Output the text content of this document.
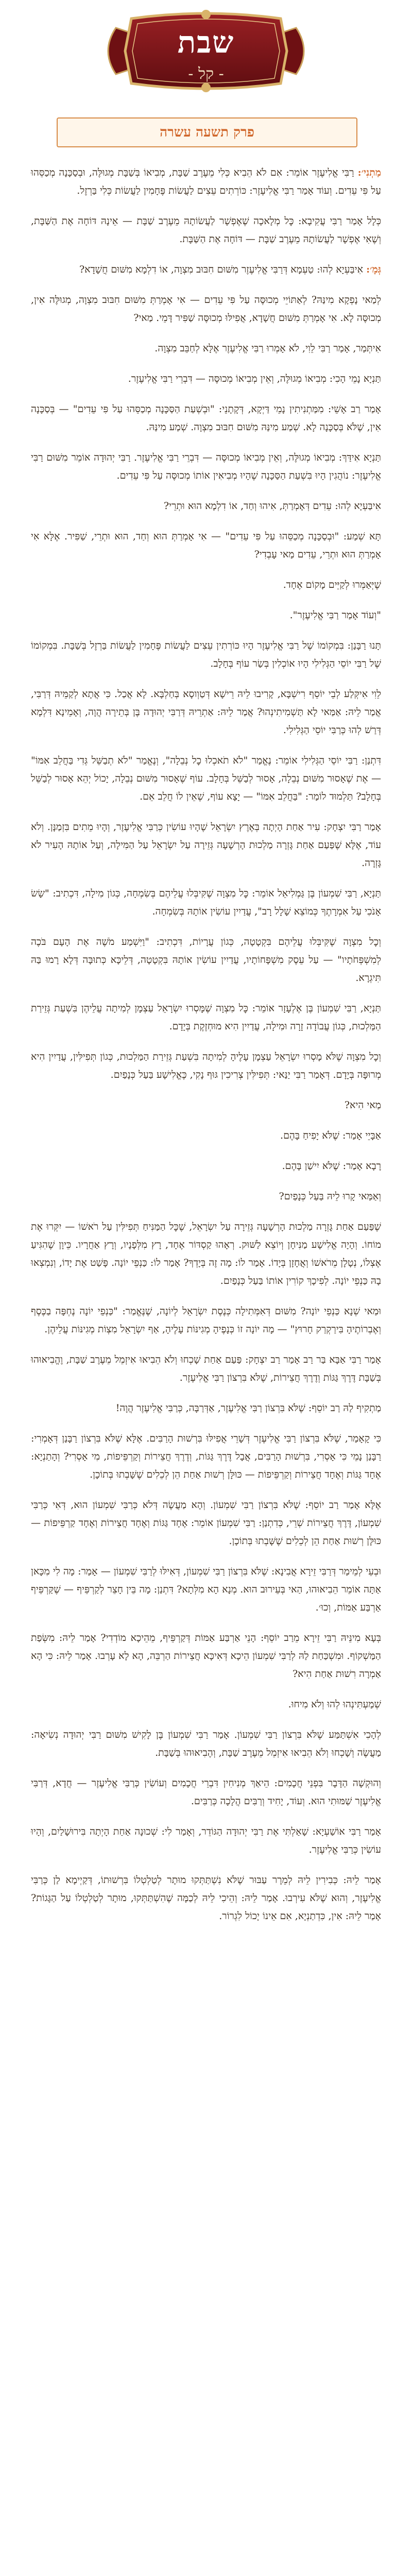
שבת
- קל -
פרק תשעה עשרה

מַתְנִי׳: רַבִּי אֱלִיעֶזֶר אוֹמֵר: אִם לֹא הֵבִיא כְּלִי מֵעֶרֶב שַׁבָּת, מְבִיאוֹ בְּשַׁבָּת מְגוּלֶּה, וּבְסַכָּנָה מְכַסֵּהוּ עַל פִּי עֵדִים. וְעוֹד אָמַר רַבִּי אֱלִיעֶזֶר: כּוֹרְתִים עֵצִים לַעֲשׂוֹת פֶּחָמִין לַעֲשׂוֹת כְּלִי בַּרְזֶל.

כְּלָל אָמַר רַבִּי עֲקִיבָא: כׇּל מְלָאכָה שֶׁאֶפְשָׁר לַעֲשׂוֹתָהּ מֵעֶרֶב שַׁבָּת — אֵינָהּ דּוֹחָה אֶת הַשַּׁבָּת, וְשֶׁאִי אֶפְשָׁר לַעֲשׂוֹתָהּ מֵעֶרֶב שַׁבָּת — דּוֹחָה אֶת הַשַּׁבָּת.

גְּמָ׳: אִיבַּעְיָא לְהוּ: טַעְמָא דְּרַבִּי אֱלִיעֶזֶר מִשּׁוּם חִבּוּב מִצְוָה, אוֹ דִלְמָא מִשּׁוּם חֲשָׁדָא?

לְמַאי נָפְקָא מִינַּהּ? לְאַתּוֹיֵי מְכוּסֶּה עַל פִּי עֵדִים — אִי אָמְרַתְּ מִשּׁוּם חִבּוּב מִצְוָה, מְגוּלֶּה אִין, מְכוּסֶּה לָא. אִי אָמְרַתְּ מִשּׁוּם חֲשָׁדָא, אֲפִילּוּ מְכוּסֶּה שַׁפִּיר דָּמֵי. מַאי?

אִיתְּמַר, אָמַר רַבִּי לֵוִי, לֹא אָמְרוּ רַבִּי אֱלִיעֶזֶר אֶלָּא לְחַבֵּב מִצְוָה.

תַּנְיָא נָמֵי הָכִי: מְבִיאוֹ מְגוּלֶּה, וְאֵין מְבִיאוֹ מְכוּסֶּה — דִּבְרֵי רַבִּי אֱלִיעֶזֶר.

אָמַר רַב אָשֵׁי: מִמַּתְנִיתִין נָמֵי דַּיְקָא, דְּקָתָנֵי: "וּבְשְׁעַת הַסַּכָּנָה מְכַסֵּהוּ עַל פִּי עֵדִים" — בְּסַכָּנָה אִין, שֶׁלֹּא בְּסַכָּנָה לָא. שְׁמַע מִינַּהּ מִשּׁוּם חִבּוּב מִצְוָה. שְׁמַע מִינַּהּ.

תַּנְיָא אִידַּךְ: מְבִיאוֹ מְגוּלֶּה, וְאֵין מְבִיאוֹ מְכוּסֶּה — דִּבְרֵי רַבִּי אֱלִיעֶזֶר. רַבִּי יְהוּדָה אוֹמֵר מִשּׁוּם רַבִּי אֱלִיעֶזֶר: נוֹהֲגִין הָיוּ בִּשְׁעַת הַסַּכָּנָה שֶׁהָיוּ מְבִיאִין אוֹתוֹ מְכוּסֶּה עַל פִּי עֵדִים.

אִיבַּעְיָא לְהוּ: עֵדִים דְּאָמְרַתְּ, אִיהוּ וְחַד, אוֹ דִלְמָא הוּא וּתְרֵי?

תָּא שְׁמַע: "וּבְסַכָּנָה מְכַסֵּהוּ עַל פִּי עֵדִים" — אִי אָמְרַתְּ הוּא וְחַד, הוּא וּתְרֵי, שַׁפִּיר. אֶלָּא אִי אָמְרַתְּ הוּא וּתְרֵי, עֵדִים מַאי עָבְדִי?

שֶׁיְּאַמְּרוּ לְקַיֵּים מָקוֹם אֶחָד.

"וְעוֹד אָמַר רַבִּי אֱלִיעֶזֶר".

תָּנוּ רַבָּנַן: בִּמְקוֹמוֹ שֶׁל רַבִּי אֱלִיעֶזֶר הָיוּ כּוֹרְתִין עֵצִים לַעֲשׂוֹת פֶּחָמִין לַעֲשׂוֹת בַּרְזֶל בְּשַׁבָּת. בִּמְקוֹמוֹ שֶׁל רַבִּי יוֹסֵי הַגְּלִילִי הָיוּ אוֹכְלִין בְּשַׂר עוֹף בְּחָלָב.

לֵוִי אִיקְּלַע לְבֵי יוֹסֵף רִישְׁבָּא, קָרִיבוּ לֵיהּ רֵישָׁא דְּטַוְוסָא בְּחַלְבָּא. לָא אֲכַל. כִּי אֲתָא לְקַמֵּיהּ דְּרַבִּי, אֲמַר לֵיהּ: אַמַּאי לָא תַּשְׁמִיתִינְהוּ? אֲמַר לֵיהּ: אַתְרֵיהּ דְּרַבִּי יְהוּדָה בֶּן בְּתֵירָה הֲוָה, וְאָמֵינָא דִּלְמָא דְּרַשׁ לְהוּ כְּרַבִּי יוֹסֵי הַגְּלִילִי.

דִּתְנַן: רַבִּי יוֹסֵי הַגְּלִילִי אוֹמֵר: נֶאֱמַר "לֹא תֹאכְלוּ כׇל נְבֵלָה", וְנֶאֱמַר "לֹא תְבַשֵּׁל גְּדִי בַּחֲלֵב אִמּוֹ" — אֶת שֶׁאָסוּר מִשּׁוּם נְבֵלָה, אָסוּר לְבַשֵּׁל בְּחָלָב. עוֹף שֶׁאָסוּר מִשּׁוּם נְבֵלָה, יָכוֹל יְהֵא אָסוּר לְבַשֵּׁל בְּחָלָב? תַּלְמוּד לוֹמַר: "בַּחֲלֵב אִמּוֹ" — יָצָא עוֹף, שֶׁאֵין לוֹ חֲלֵב אֵם.

אָמַר רַבִּי יִצְחָק: עִיר אַחַת הָיְתָה בְּאֶרֶץ יִשְׂרָאֵל שֶׁהָיוּ עוֹשִׂין כְּרַבִּי אֱלִיעֶזֶר, וְהָיוּ מֵתִים בִּזְמַנָּן. וְלֹא עוֹד, אֶלָּא שֶׁפַּעַם אַחַת גָּזְרָה מַלְכוּת הָרְשָׁעָה גְּזֵירָה עַל יִשְׂרָאֵל עַל הַמִּילָה, וְעַל אוֹתָהּ הָעִיר לֹא גָּזְרָה.

תַּנְיָא, רַבִּי שִׁמְעוֹן בֶּן גַּמְלִיאֵל אוֹמֵר: כׇּל מִצְוָה שֶׁקִּיבְּלוּ עֲלֵיהֶם בְּשִׂמְחָה, כְּגוֹן מִילָה, דִּכְתִיב: "שָׂשׂ אָנֹכִי עַל אִמְרָתֶךָ כְּמוֹצֵא שָׁלָל רָב", עֲדַיִין עוֹשִׂין אוֹתָהּ בְּשִׂמְחָה.

וְכׇל מִצְוָה שֶׁקִּיבְּלוּ עֲלֵיהֶם בִּקְטָטָה, כְּגוֹן עֲרָיוֹת, דִּכְתִיב: "וַיִּשְׁמַע מֹשֶׁה אֶת הָעָם בֹּכֶה לְמִשְׁפְּחֹתָיו" — עַל עֵסֶק מִשְׁפָּחוֹתָיו, עֲדַיִין עוֹשִׂין אוֹתָהּ בִּקְטָטָה, דְּלֵיכָּא כְּתוּבָּה דְּלָא רָמוּ בַּהּ תִּיגְרָא.

תַּנְיָא, רַבִּי שִׁמְעוֹן בֶּן אֶלְעָזָר אוֹמֵר: כׇּל מִצְוָה שֶׁמָּסְרוּ יִשְׂרָאֵל עַצְמָן לְמִיתָה עֲלֵיהֶן בִּשְׁעַת גְּזֵירַת הַמַּלְכוּת, כְּגוֹן עֲבוֹדָה זָרָה וּמִילָה, עֲדַיִין הִיא מוּחְזֶקֶת בְּיָדָם.

וְכׇל מִצְוָה שֶׁלֹּא מָסְרוּ יִשְׂרָאֵל עַצְמָן עָלֶיהָ לְמִיתָה בִּשְׁעַת גְּזֵירַת הַמַּלְכוּת, כְּגוֹן תְּפִילִּין, עֲדַיִין הִיא מְרוּפָּה בְּיָדָם. דְּאָמַר רַבִּי יַנַּאי: תְּפִילִּין צְרִיכִין גּוּף נָקִי, כֶּאֱלִישָׁע בַּעַל כְּנָפַיִם.

מַאי הִיא?

אַבָּיֵי אָמַר: שֶׁלֹּא יָפִיחַ בָּהֶם.

רָבָא אָמַר: שֶׁלֹּא יִישַׁן בָּהֶם.

וְאַמַּאי קָרוּ לֵיהּ בַּעַל כְּנָפַיִם?

שֶׁפַּעַם אַחַת גָּזְרָה מַלְכוּת הָרְשָׁעָה גְּזֵירָה עַל יִשְׂרָאֵל, שֶׁכׇּל הַמַּנִּיחַ תְּפִילִּין עַל רֹאשׁוֹ — יִקְּרוּ אֶת מוֹחוֹ. וְהָיָה אֱלִישָׁע מַנִּיחָן וְיוֹצֵא לַשּׁוּק. רְאָהוּ קַסְדּוֹר אֶחָד, רָץ מִלְּפָנָיו, וְרָץ אַחֲרָיו. כֵּיוָן שֶׁהִגִּיעַ אֶצְלוֹ, נְטָלָן מֵרֹאשׁוֹ וְאֲחָזָן בְּיָדוֹ. אָמַר לוֹ: מָה זֶה בְּיָדְךָ? אָמַר לוֹ: כַּנְפֵי יוֹנָה. פָּשַׁט אֶת יָדוֹ, וְנִמְצְאוּ בָהּ כַּנְפֵי יוֹנָה. לְפִיכָךְ קוֹרִין אוֹתוֹ בַּעַל כְּנָפַיִם.

וּמַאי שְׁנָא כַּנְפֵי יוֹנָה? מִשּׁוּם דְּאִמְּתִילָה כְּנֶסֶת יִשְׂרָאֵל לְיוֹנָה, שֶׁנֶּאֱמַר: "כַּנְפֵי יוֹנָה נֶחְפָּה בַכֶּסֶף וְאֶבְרוֹתֶיהָ בִּירַקְרַק חָרוּץ" — מָה יוֹנָה זוֹ כְּנָפֶיהָ מְגִינּוֹת עָלֶיהָ, אַף יִשְׂרָאֵל מִצְוֹת מְגִינּוֹת עֲלֵיהֶן.

אָמַר רַבִּי אַבָּא בַּר רַב אָמַר רַב יִצְחָק: פַּעַם אַחַת שָׁכְחוּ וְלֹא הֵבִיאוּ אִיזְמֵל מֵעֶרֶב שַׁבָּת, וֶהֱבִיאוּהוּ בְּשַׁבָּת דֶּרֶךְ גַּגּוֹת וְדֶרֶךְ חֲצֵירוֹת, שֶׁלֹּא בִּרְצוֹן רַבִּי אֱלִיעֶזֶר.

מַתְקִיף לַהּ רַב יוֹסֵף: שֶׁלֹּא בִּרְצוֹן רַבִּי אֱלִיעֶזֶר, אַדְּרַבָּה, כְּרַבִּי אֱלִיעֶזֶר הֲוָה!

כִּי קָאָמַר, שֶׁלֹּא בִּרְצוֹן רַבִּי אֱלִיעֶזֶר דְּשָׁרֵי אֲפִילּוּ בִּרְשׁוּת הָרַבִּים. אֶלָּא שֶׁלֹּא בִּרְצוֹן רַבָּנַן דְּאָמְרִי: רַבָּנַן נָמֵי כִּי אָסְרִי, בִּרְשׁוּת הָרַבִּים, אֲבָל דֶּרֶךְ גַּגּוֹת, וְדֶרֶךְ חֲצֵירוֹת וְקַרְפֵּיפוֹת, מִי אָסְרִי? וְהָתַנְיָא: אֶחָד גַּגּוֹת וְאֶחָד חֲצֵירוֹת וְקַרְפֵּיפוֹת — כּוּלָּן רְשׁוּת אַחַת הֵן לְכֵלִים שֶׁשָּׁבְתוּ בְּתוֹכָן.

אֶלָּא אָמַר רַב יוֹסֵף: שֶׁלֹּא בִּרְצוֹן רַבִּי שִׁמְעוֹן. וְהָא מַעֲשֶׂה דְּלֹא כְּרַבִּי שִׁמְעוֹן הוּא, דְּאִי כְּרַבִּי שִׁמְעוֹן, דֶּרֶךְ חֲצֵירוֹת שְׁרֵי, כְּדִתְנַן: רַבִּי שִׁמְעוֹן אוֹמֵר: אֶחָד גַּגּוֹת וְאֶחָד חֲצֵירוֹת וְאֶחָד קַרְפֵּיפוֹת — כּוּלָּן רְשׁוּת אַחַת הֵן לְכֵלִים שֶׁשָּׁבְתוּ בְּתוֹכָן.

וּבְעֵי לְמֵימַר דְּרַבִּי זֵירָא אֲבִינָא: שֶׁלֹּא בִּרְצוֹן רַבִּי שִׁמְעוֹן, דְּאִילּוּ לְרַבִּי שִׁמְעוֹן — אָמַר: מָה לִי מִכָּאן אַתָּה אוֹמֵר הֵבִיאוּהוּ, הַאי בְּעֵירוּב הוּא. מְנָא הָא מִלְּתָא? דִּתְנַן: מָה בֵּין חָצֵר לְקַרְפֵּיף — שֶׁקַּרְפֵּיף אַרְבַּע אַמּוֹת, וְכוּ׳.

בְּעָא מִינֵּיהּ רַבִּי זֵירָא מֵרַב יוֹסֵף: הָנֵי אַרְבַּע אַמּוֹת דְּקַרְפֵּיף, מֵהֵיכָא מוֹדְדִי? אָמַר לֵיהּ: מִשְּׂפַת הַמַּשְׁקוֹף. וּמִשְׁכַּחַת לַהּ לְרַבִּי שִׁמְעוֹן הֵיכָא דְּאִיכָּא חֲצֵירוֹת הַרְבֵּה, הָא לָא עָרְבוּ. אָמַר לֵיהּ: כִּי הָא אַמְרָה רִשׁוּת אַחַת הִיא?

שְׁמַעְתִּינְהוּ לְהוּ וְלֹא מִיחוּ.

לְהָכִי אִשְׁתַּמַּע שֶׁלֹּא בִּרְצוֹן רַבִּי שִׁמְעוֹן. אָמַר רַבִּי שִׁמְעוֹן בֶּן לָקִישׁ מִשּׁוּם רַבִּי יְהוּדָה נְשִׂיאָה: מַעֲשֶׂה וְשָׁכְחוּ וְלֹא הֵבִיאוּ אִיזְמֵל מֵעֶרֶב שַׁבָּת, וְהֶבִיאוּהוּ בְּשַׁבָּת.

וְהוּקְשָׁה הַדָּבָר בִּפְנֵי חֲכָמִים: הֵיאַךְ מְנִיחִין דִּבְרֵי חֲכָמִים וְעוֹשִׂין כְּרַבִּי אֱלִיעֶזֶר — חֲדָא, דְּרַבִּי אֱלִיעֶזֶר שַׁמּוּתִי הוּא. וְעוֹד, יָחִיד וְרַבִּים הֲלָכָה כְּרַבִּים.

אָמַר רַבִּי אוֹשַׁעְיָא: שָׁאַלְתִּי אֶת רַבִּי יְהוּדָה הַגּוֹדֵר, וְאָמַר לִי: שְׁכוּנָה אַחַת הָיְתָה בִּירוּשָׁלַיִם, וְהָיוּ עוֹשִׂין כְּרַבִּי אֱלִיעֶזֶר.

אָמַר לֵיהּ: כְּבִירִין לֵיהּ לְמֵרָר עַבּוּר שֶׁלֹּא נִשְׁתַּתְּקוּ מוּתָר לְטַלְטְלוֹ בִּרְשׁוּתוֹ, דְּקַיְימָא לַן כְּרַבִּי אֱלִיעֶזֶר, וְהוּא שֶׁלֹּא עִירְבוּ. אָמַר לֵיהּ: וְהֵיכִי לֵיהּ לְכַמָּה שֶׁהִשְׁתַּתְּקוּ, מוּתָר לְטַלְטְלוֹ עַל הַגָּגוֹת? אָמַר לֵיהּ: אִין, כִּדְתַנְיָא, אִם אֵינוֹ יָכוֹל לִגְרוֹר.
